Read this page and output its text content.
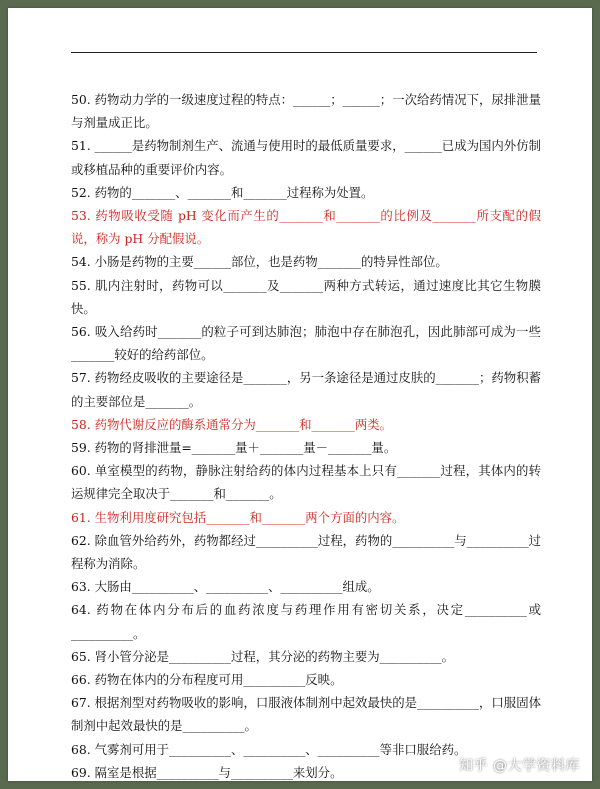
50. 药物动力学的一级速度过程的特点：______；______；一次给药情况下，尿排泄量与剂量成正比。

51. ______是药物制剂生产、流通与使用时的最低质量要求，______已成为国内外仿制或移植品种的重要评价内容。

52. 药物的_______、_______和_______过程称为处置。

53. 药物吸收受随 pH 变化而产生的_______和_______的比例及_______所支配的假说，称为 pH 分配假说。

54. 小肠是药物的主要______部位，也是药物_______的特异性部位。

55. 肌内注射时，药物可以_______及_______两种方式转运，通过速度比其它生物膜快。

56. 吸入给药时_______的粒子可到达肺泡；肺泡中存在肺泡孔，因此肺部可成为一些_______较好的给药部位。

57. 药物经皮吸收的主要途径是_______，另一条途径是通过皮肤的_______；药物积蓄的主要部位是_______。

58. 药物代谢反应的酶系通常分为_______和_______两类。

59. 药物的肾排泄量=_______量＋_______量－_______量。

60. 单室模型的药物，静脉注射给药的体内过程基本上只有_______过程，其体内的转运规律完全取决于_______和_______。

61. 生物利用度研究包括_______和_______两个方面的内容。

62. 除血管外给药外，药物都经过__________过程，药物的__________与__________过程称为消除。

63. 大肠由__________、__________、__________组成。

64. 药物在体内分布后的血药浓度与药理作用有密切关系，决定__________或__________。

65. 肾小管分泌是__________过程，其分泌的药物主要为__________。

66. 药物在体内的分布程度可用__________反映。

67. 根据剂型对药物吸收的影响，口服液体制剂中起效最快的是__________，口服固体制剂中起效最快的是__________。

68. 气雾剂可用于__________、__________、__________等非口服给药。

69. 隔室是根据__________与__________来划分。	知乎 @大学资料库
